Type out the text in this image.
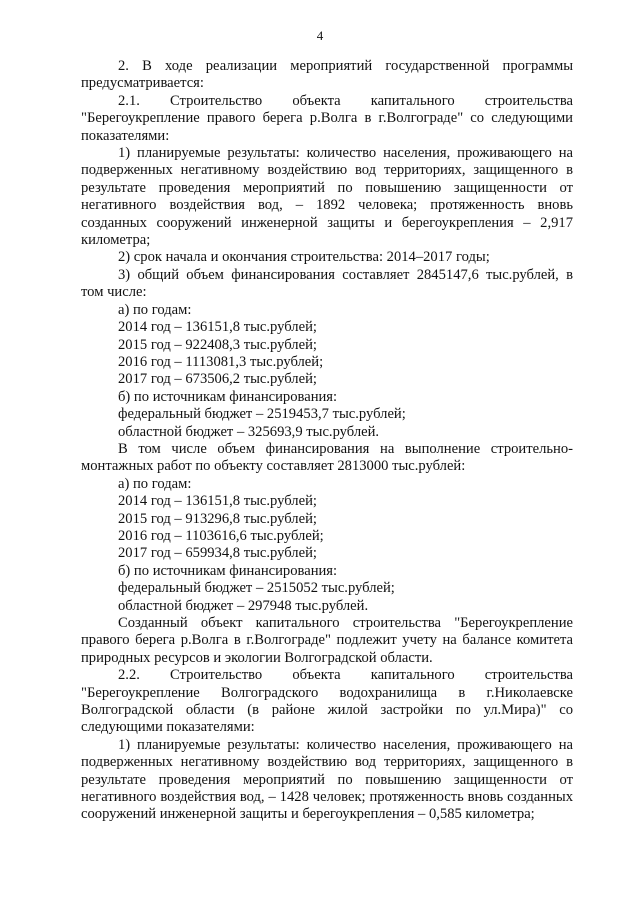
4

2. В ходе реализации мероприятий государственной программы предусматривается:

2.1. Строительство объекта капитального строительства "Берегоукрепление правого берега р.Волга в г.Волгограде" со следующими показателями:

1) планируемые результаты: количество населения, проживающего на подверженных негативному воздействию вод территориях, защищенного в результате проведения мероприятий по повышению защищенности от негативного воздействия вод, – 1892 человека; протяженность вновь созданных сооружений инженерной защиты и берегоукрепления – 2,917 километра;

2) срок начала и окончания строительства: 2014–2017 годы;

3) общий объем финансирования составляет 2845147,6 тыс.рублей, в том числе:

а) по годам:

2014 год – 136151,8 тыс.рублей;

2015 год – 922408,3 тыс.рублей;

2016 год – 1113081,3 тыс.рублей;

2017 год – 673506,2 тыс.рублей;

б) по источникам финансирования:

федеральный бюджет – 2519453,7 тыс.рублей;

областной бюджет – 325693,9 тыс.рублей.

В том числе объем финансирования на выполнение строительно-монтажных работ по объекту составляет 2813000 тыс.рублей:

а) по годам:

2014 год – 136151,8 тыс.рублей;

2015 год – 913296,8 тыс.рублей;

2016 год – 1103616,6 тыс.рублей;

2017 год – 659934,8 тыс.рублей;

б) по источникам финансирования:

федеральный бюджет – 2515052 тыс.рублей;

областной бюджет – 297948 тыс.рублей.

Созданный объект капитального строительства "Берегоукрепление правого берега р.Волга в г.Волгограде" подлежит учету на балансе комитета природных ресурсов и экологии Волгоградской области.

2.2. Строительство объекта капитального строительства "Берегоукрепление Волгоградского водохранилища в г.Николаевске Волгоградской области (в районе жилой застройки по ул.Мира)" со следующими показателями:

1) планируемые результаты: количество населения, проживающего на подверженных негативному воздействию вод территориях, защищенного в результате проведения мероприятий по повышению защищенности от негативного воздействия вод, – 1428 человек; протяженность вновь созданных сооружений инженерной защиты и берегоукрепления – 0,585 километра;
